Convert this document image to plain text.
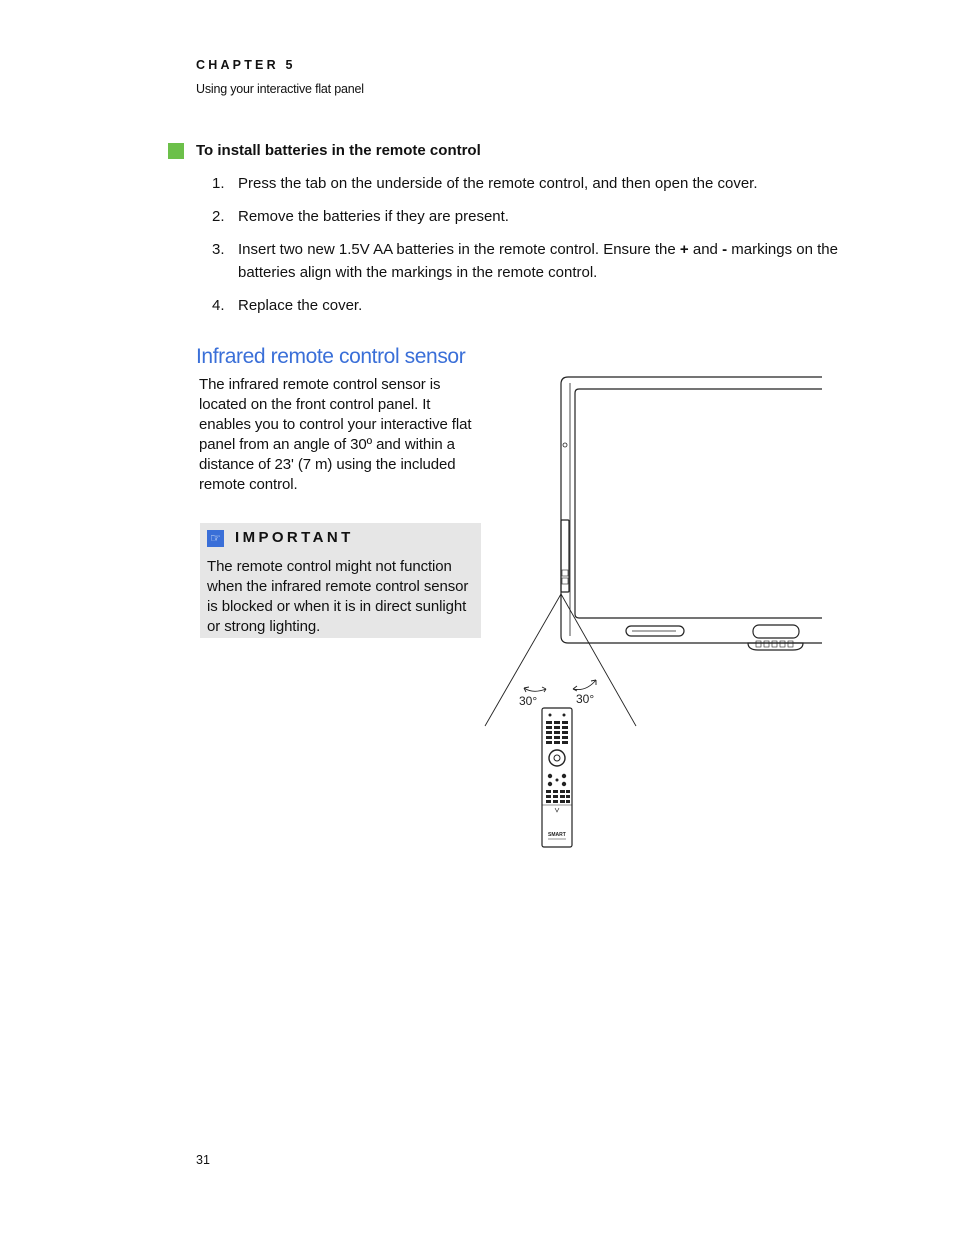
CHAPTER 5
Using your interactive flat panel
To install batteries in the remote control
1. Press the tab on the underside of the remote control, and then open the cover.
2. Remove the batteries if they are present.
3. Insert two new 1.5V AA batteries in the remote control. Ensure the + and - markings on the batteries align with the markings in the remote control.
4. Replace the cover.
Infrared remote control sensor

The infrared remote control sensor is located on the front control panel. It enables you to control your interactive flat panel from an angle of 30º and within a distance of 23' (7 m) using the included remote control.

☞ IMPORTANT

The remote control might not function when the infrared remote control sensor is blocked or when it is in direct sunlight or strong lighting.

30°	30°
SMART
31
